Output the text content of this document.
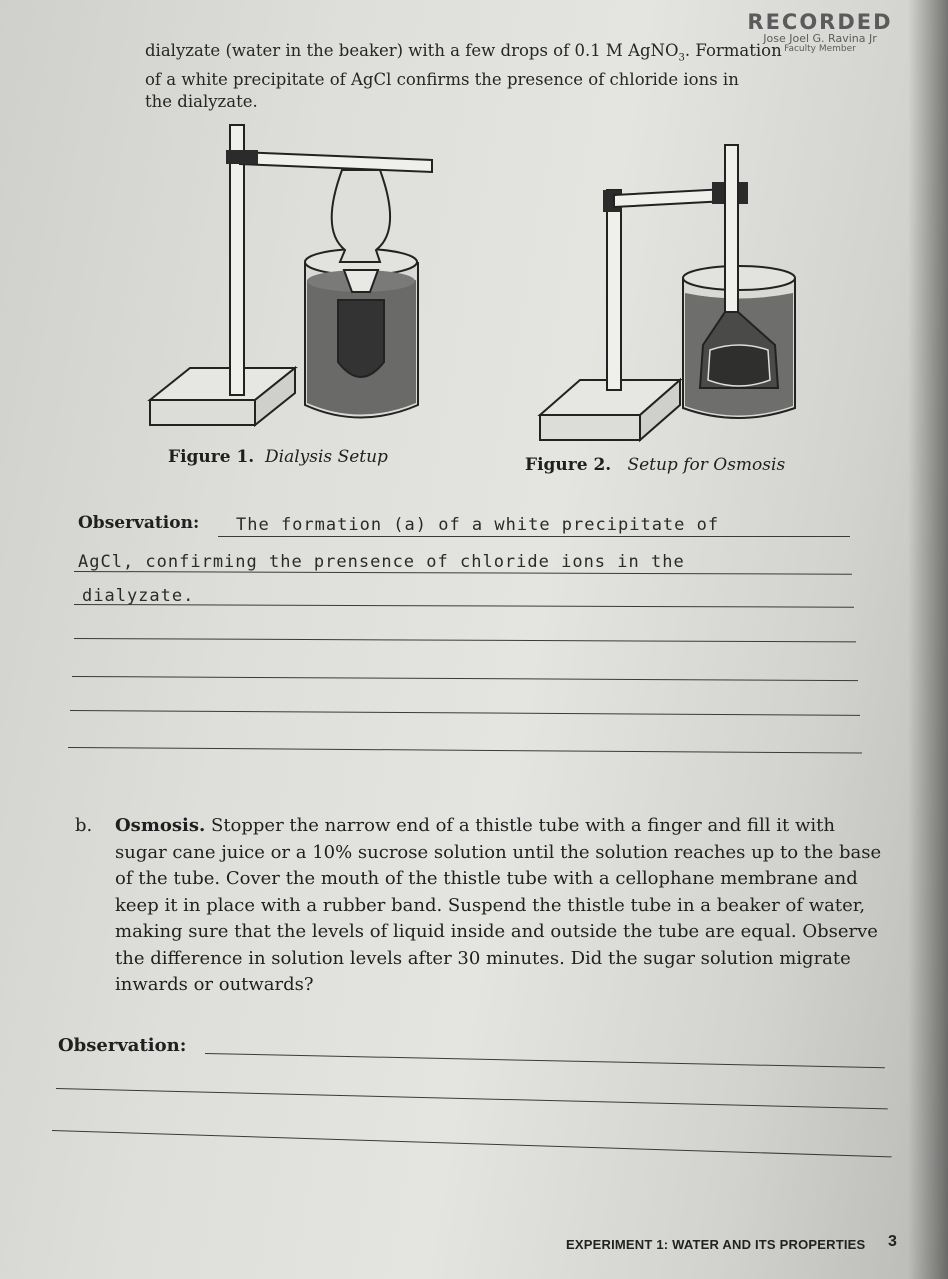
RECORDED
Jose Joel G. Ravina Jr
Faculty Member
dialyzate (water in the beaker) with a few drops of 0.1 M AgNO$_3$. Formation
of a white precipitate of AgCl confirms the presence of chloride ions in
the dialyzate.
Figure 1. Dialysis Setup	Figure 2. Setup for Osmosis
Observation: The formation (a) of a white precipitate of
AgCl, confirming the prensence of chloride ions in the
dialyzate.
b. Osmosis. Stopper the narrow end of a thistle tube with a finger and fill it with sugar cane juice or a 10% sucrose solution until the solution reaches up to the base of the tube. Cover the mouth of the thistle tube with a cellophane membrane and keep it in place with a rubber band. Suspend the thistle tube in a beaker of water, making sure that the levels of liquid inside and outside the tube are equal. Observe the difference in solution levels after 30 minutes. Did the sugar solution migrate inwards or outwards?
Observation:
EXPERIMENT 1: WATER AND ITS PROPERTIES 3
